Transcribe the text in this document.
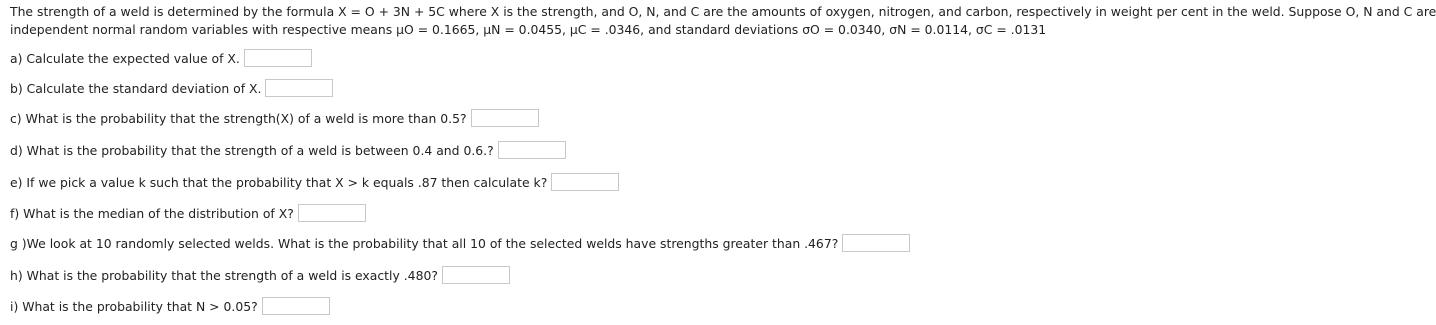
The strength of a weld is determined by the formula X = O + 3N + 5C where X is the strength, and O, N, and C are the amounts of oxygen, nitrogen, and carbon, respectively in weight per cent in the weld. Suppose O, N and C are
independent normal random variables with respective means μO = 0.1665, μN = 0.0455, μC = .0346, and standard deviations σO = 0.0340, σN = 0.0114, σC = .0131
a) Calculate the expected value of X.
b) Calculate the standard deviation of X.
c) What is the probability that the strength(X) of a weld is more than 0.5?
d) What is the probability that the strength of a weld is between 0.4 and 0.6.?
e) If we pick a value k such that the probability that X > k equals .87 then calculate k?
f) What is the median of the distribution of X?
g )We look at 10 randomly selected welds. What is the probability that all 10 of the selected welds have strengths greater than .467?
h) What is the probability that the strength of a weld is exactly .480?
i) What is the probability that N > 0.05?
